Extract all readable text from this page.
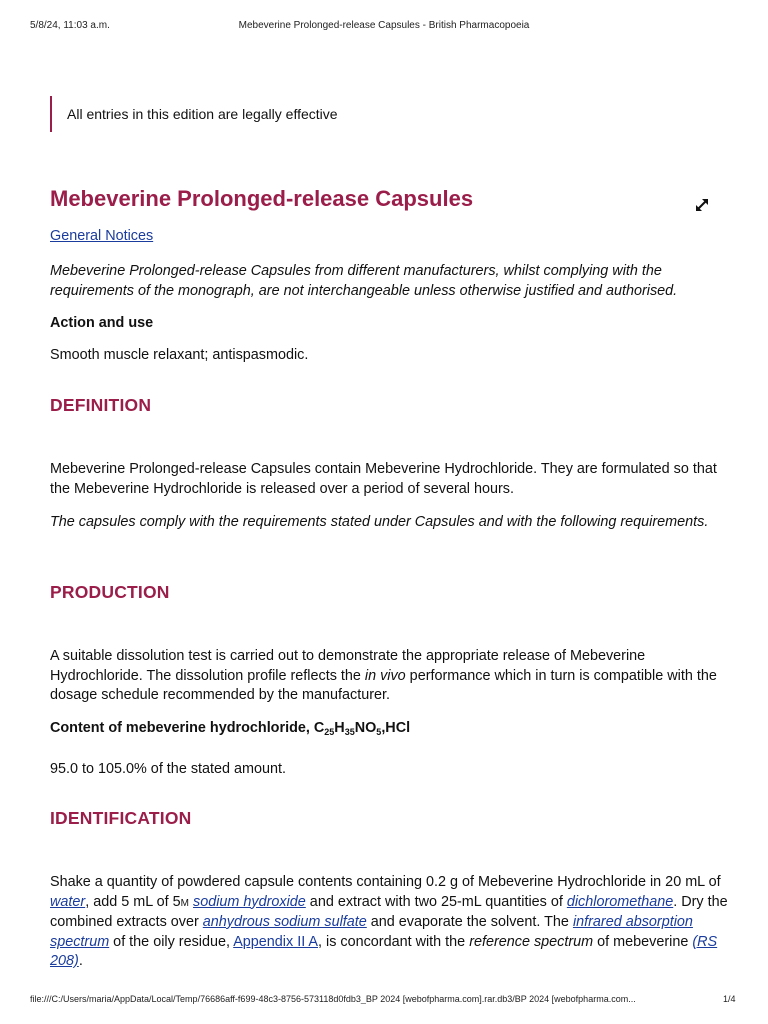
5/8/24, 11:03 a.m.	Mebeverine Prolonged-release Capsules - British Pharmacopoeia
All entries in this edition are legally effective
Mebeverine Prolonged-release Capsules

General Notices

Mebeverine Prolonged-release Capsules from different manufacturers, whilst complying with the requirements of the monograph, are not interchangeable unless otherwise justified and authorised.

Action and use

Smooth muscle relaxant; antispasmodic.

DEFINITION

Mebeverine Prolonged-release Capsules contain Mebeverine Hydrochloride. They are formulated so that the Mebeverine Hydrochloride is released over a period of several hours.

The capsules comply with the requirements stated under Capsules and with the following requirements.

PRODUCTION

A suitable dissolution test is carried out to demonstrate the appropriate release of Mebeverine Hydrochloride. The dissolution profile reflects the in vivo performance which in turn is compatible with the dosage schedule recommended by the manufacturer.

Content of mebeverine hydrochloride, $C_{25}H_{35}NO_5,HCl$

95.0 to 105.0% of the stated amount.

IDENTIFICATION

Shake a quantity of powdered capsule contents containing 0.2 g of Mebeverine Hydrochloride in 20 mL of water, add 5 mL of 5M sodium hydroxide and extract with two 25-mL quantities of dichloromethane. Dry the combined extracts over anhydrous sodium sulfate and evaporate the solvent. The infrared absorption spectrum of the oily residue, Appendix II A, is concordant with the reference spectrum of mebeverine (RS 208).

file:///C:/Users/maria/AppData/Local/Temp/76686aff-f699-48c3-8756-573118d0fdb3_BP 2024 [webofpharma.com].rar.db3/BP 2024 [webofpharma.com...	1/4
